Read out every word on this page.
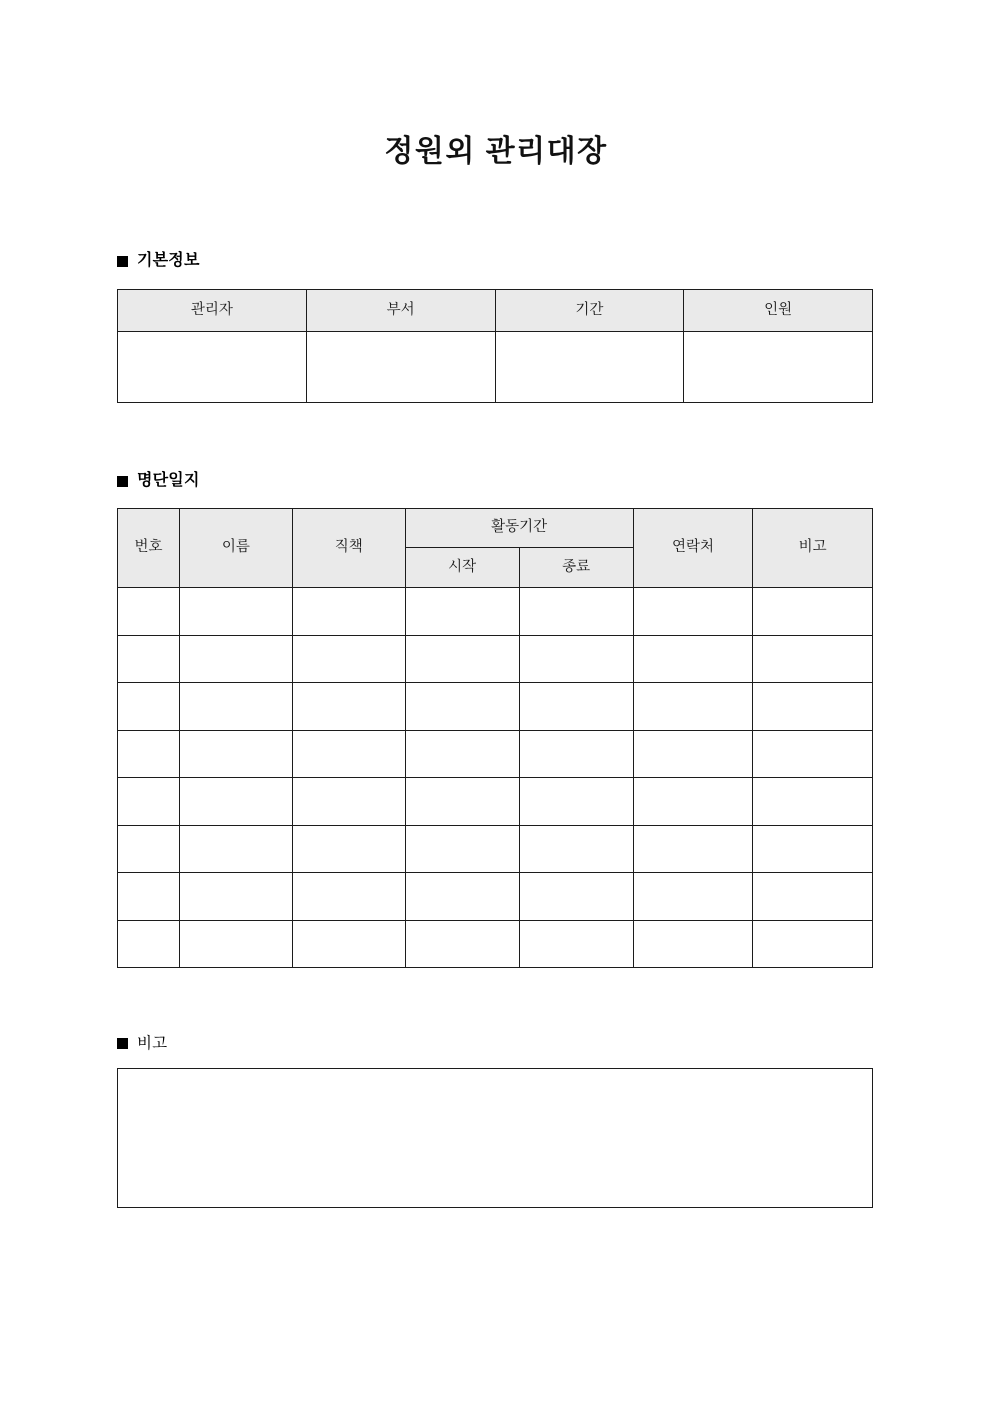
정원외 관리대장
기본정보
관리자	부서	기간	인원

명단일지
번호	이름	직책	활동기간		연락처	비고
			시작	종료		

비고
